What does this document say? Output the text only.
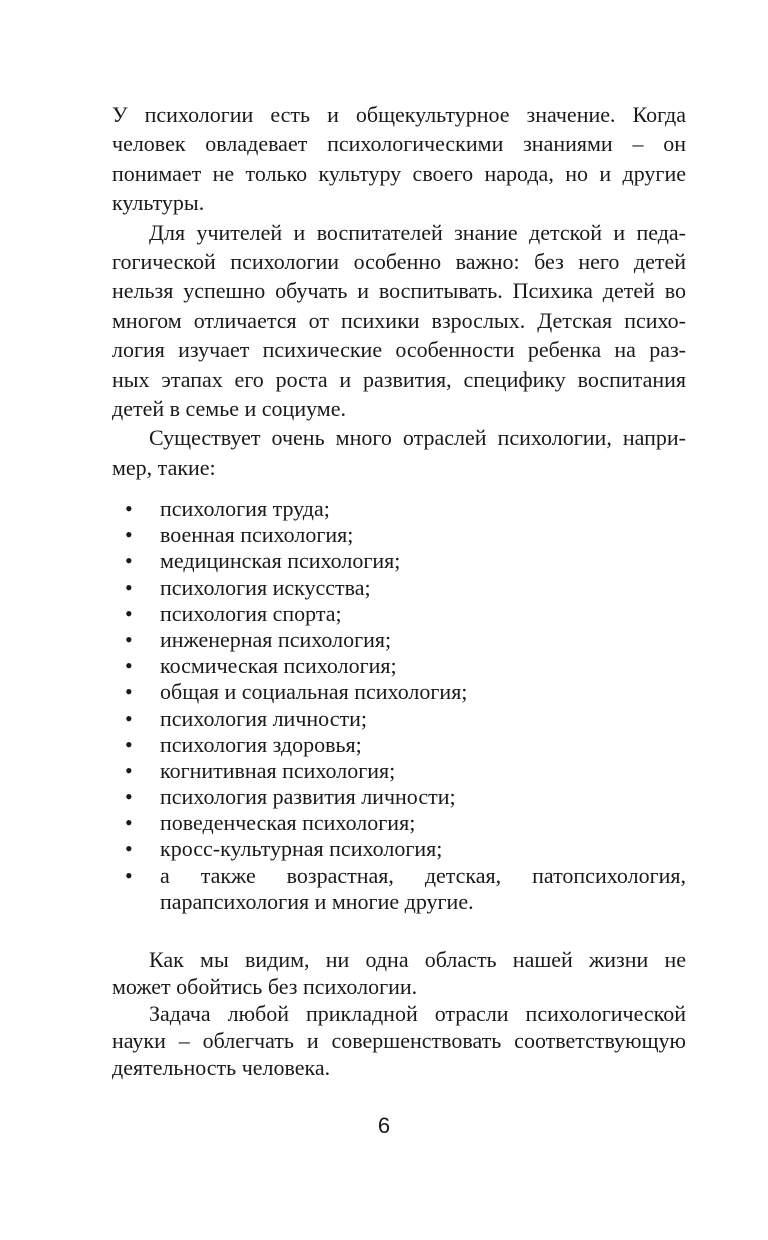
У психологии есть и общекультурное значение. Когда
человек овладевает психологическими знаниями – он
понимает не только культуру своего народа, но и другие
культуры.
Для учителей и воспитателей знание детской и педа-
гогической психологии особенно важно: без него детей
нельзя успешно обучать и воспитывать. Психика детей во
многом отличается от психики взрослых. Детская психо-
логия изучает психические особенности ребенка на раз-
ных этапах его роста и развития, специфику воспитания
детей в семье и социуме.
Существует очень много отраслей психологии, напри-
мер, такие:
•	психология труда;
•	военная психология;
•	медицинская психология;
•	психология искусства;
•	психология спорта;
•	инженерная психология;
•	космическая психология;
•	общая и социальная психология;
•	психология личности;
•	психология здоровья;
•	когнитивная психология;
•	психология развития личности;
•	поведенческая психология;
•	кросс-культурная психология;
•	а также возрастная, детская, патопсихология,
парапсихология и многие другие.
Как мы видим, ни одна область нашей жизни не
может обойтись без психологии.
Задача любой прикладной отрасли психологической
науки – облегчать и совершенствовать соответствующую
деятельность человека.
6
